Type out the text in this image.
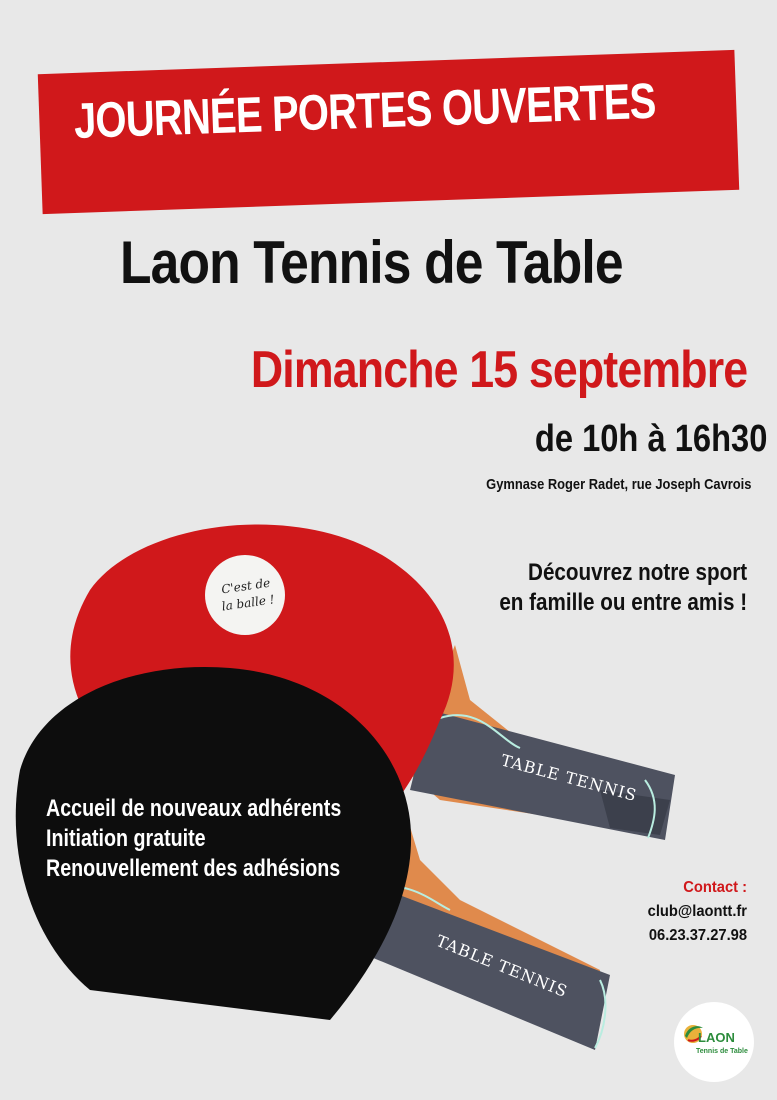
JOURNÉE PORTES OUVERTES
Laon Tennis de Table
Dimanche 15 septembre
de 10h à 16h30
Gymnase Roger Radet, rue Joseph Cavrois
TABLE TENNIS
TABLE TENNIS
C'est de
la balle !
Découvrez notre sport
en famille ou entre amis !
Accueil de nouveaux adhérents
Initiation gratuite
Renouvellement des adhésions
Contact :
club@laontt.fr
06.23.37.27.98
LAON
Tennis de Table
